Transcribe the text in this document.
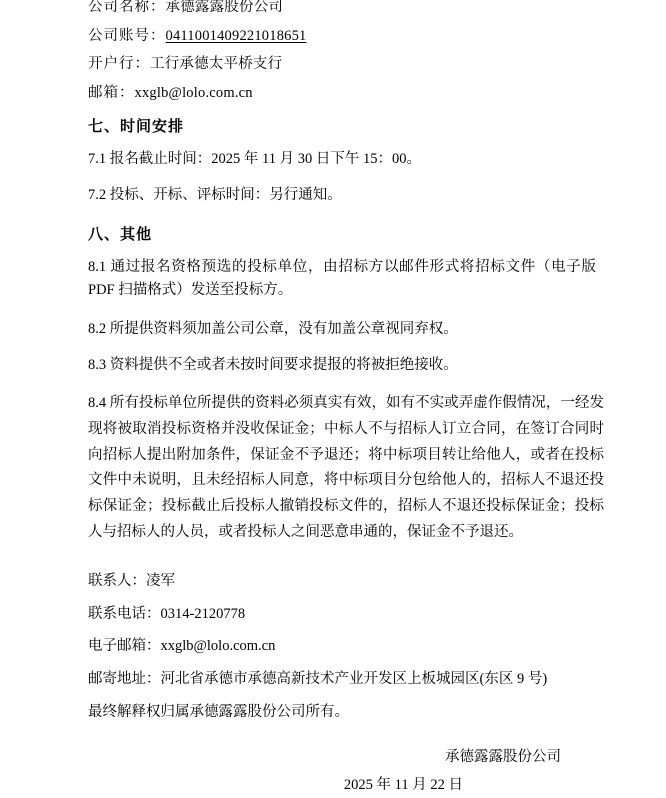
公司名称：承德露露股份公司
公司账号：0411001409221018651
开户行：工行承德太平桥支行
邮箱：xxglb@lolo.com.cn
七、时间安排
7.1 报名截止时间：2025 年 11 月 30 日下午 15：00。
7.2 投标、开标、评标时间：另行通知。
八、其他
8.1 通过报名资格预选的投标单位，由招标方以邮件形式将招标文件（电子版 PDF 扫描格式）发送至投标方。
8.2 所提供资料须加盖公司公章，没有加盖公章视同弃权。
8.3 资料提供不全或者未按时间要求提报的将被拒绝接收。
8.4 所有投标单位所提供的资料必须真实有效，如有不实或弄虚作假情况，一经发现将被取消投标资格并没收保证金；中标人不与招标人订立合同，在签订合同时向招标人提出附加条件，保证金不予退还；将中标项目转让给他人，或者在投标文件中未说明，且未经招标人同意，将中标项目分包给他人的，招标人不退还投标保证金；投标截止后投标人撤销投标文件的，招标人不退还投标保证金；投标人与招标人的人员，或者投标人之间恶意串通的，保证金不予退还。
联系人：凌军
联系电话：0314-2120778
电子邮箱：xxglb@lolo.com.cn
邮寄地址：河北省承德市承德高新技术产业开发区上板城园区(东区 9 号)
最终解释权归属承德露露股份公司所有。
承德露露股份公司
2025 年 11 月 22 日
